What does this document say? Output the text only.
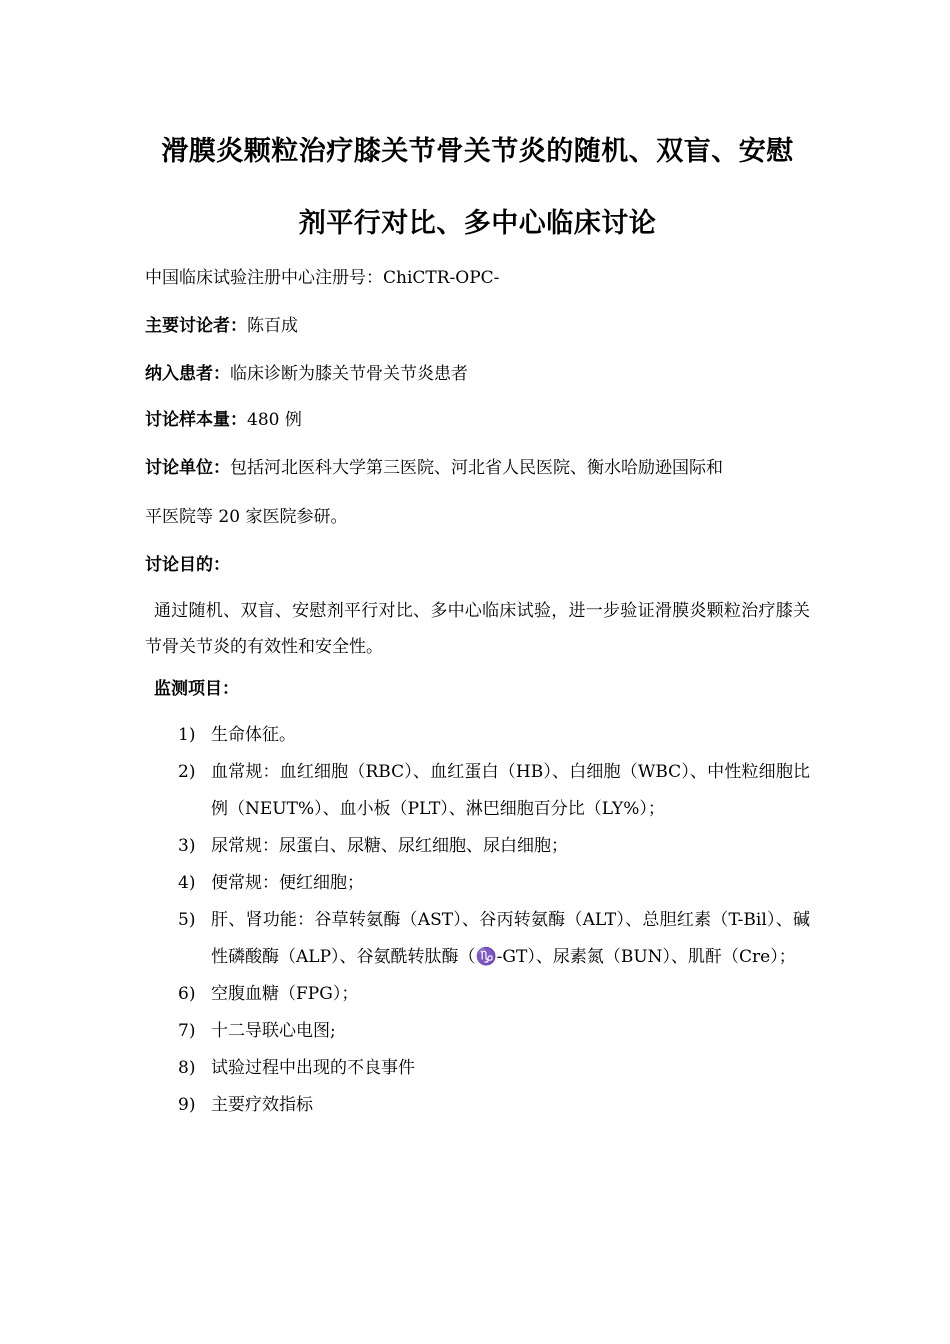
滑膜炎颗粒治疗膝关节骨关节炎的随机、双盲、安慰
剂平行对比、多中心临床讨论
中国临床试验注册中心注册号：ChiCTR-OPC-
主要讨论者：陈百成
纳入患者：临床诊断为膝关节骨关节炎患者
讨论样本量：480 例
讨论单位：包括河北医科大学第三医院、河北省人民医院、衡水哈励逊国际和
平医院等 20 家医院参研。
讨论目的：
通过随机、双盲、安慰剂平行对比、多中心临床试验，进一步验证滑膜炎颗粒治疗膝关节骨关节炎的有效性和安全性。
监测项目：
1) 生命体征。
2) 血常规：血红细胞（RBC）、血红蛋白（HB）、白细胞（WBC）、中性粒细胞比例（NEUT%）、血小板（PLT）、淋巴细胞百分比（LY%）；
3) 尿常规：尿蛋白、尿糖、尿红细胞、尿白细胞；
4) 便常规：便红细胞；
5) 肝、肾功能：谷草转氨酶（AST）、谷丙转氨酶（ALT）、总胆红素（T-Bil）、碱性磷酸酶（ALP）、谷氨酰转肽酶（♑-GT）、尿素氮（BUN）、肌酐（Cre）；
6) 空腹血糖（FPG）；
7) 十二导联心电图;
8) 试验过程中出现的不良事件
9) 主要疗效指标
